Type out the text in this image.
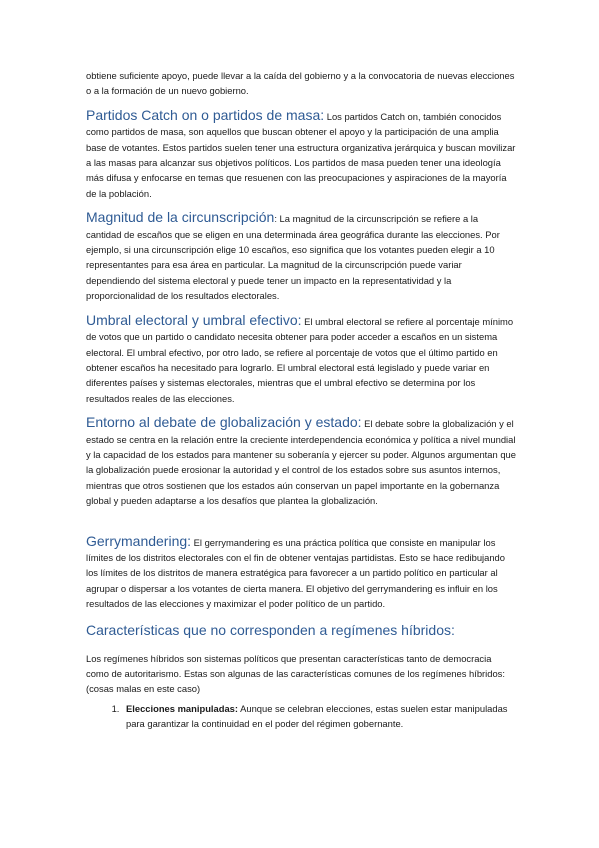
obtiene suficiente apoyo, puede llevar a la caída del gobierno y a la convocatoria de nuevas elecciones o a la formación de un nuevo gobierno.

Partidos Catch on o partidos de masa: Los partidos Catch on, también conocidos como partidos de masa, son aquellos que buscan obtener el apoyo y la participación de una amplia base de votantes. Estos partidos suelen tener una estructura organizativa jerárquica y buscan movilizar a las masas para alcanzar sus objetivos políticos. Los partidos de masa pueden tener una ideología más difusa y enfocarse en temas que resuenen con las preocupaciones y aspiraciones de la mayoría de la población.

Magnitud de la circunscripción: La magnitud de la circunscripción se refiere a la cantidad de escaños que se eligen en una determinada área geográfica durante las elecciones. Por ejemplo, si una circunscripción elige 10 escaños, eso significa que los votantes pueden elegir a 10 representantes para esa área en particular. La magnitud de la circunscripción puede variar dependiendo del sistema electoral y puede tener un impacto en la representatividad y la proporcionalidad de los resultados electorales.

Umbral electoral y umbral efectivo: El umbral electoral se refiere al porcentaje mínimo de votos que un partido o candidato necesita obtener para poder acceder a escaños en un sistema electoral. El umbral efectivo, por otro lado, se refiere al porcentaje de votos que el último partido en obtener escaños ha necesitado para lograrlo. El umbral electoral está legislado y puede variar en diferentes países y sistemas electorales, mientras que el umbral efectivo se determina por los resultados reales de las elecciones.

Entorno al debate de globalización y estado: El debate sobre la globalización y el estado se centra en la relación entre la creciente interdependencia económica y política a nivel mundial y la capacidad de los estados para mantener su soberanía y ejercer su poder. Algunos argumentan que la globalización puede erosionar la autoridad y el control de los estados sobre sus asuntos internos, mientras que otros sostienen que los estados aún conservan un papel importante en la gobernanza global y pueden adaptarse a los desafíos que plantea la globalización.

Gerrymandering: El gerrymandering es una práctica política que consiste en manipular los límites de los distritos electorales con el fin de obtener ventajas partidistas. Esto se hace redibujando los límites de los distritos de manera estratégica para favorecer a un partido político en particular al agrupar o dispersar a los votantes de cierta manera. El objetivo del gerrymandering es influir en los resultados de las elecciones y maximizar el poder político de un partido.

Características que no corresponden a regímenes híbridos:

Los regímenes híbridos son sistemas políticos que presentan características tanto de democracia como de autoritarismo. Estas son algunas de las características comunes de los regímenes híbridos: (cosas malas en este caso)

1. Elecciones manipuladas: Aunque se celebran elecciones, estas suelen estar manipuladas para garantizar la continuidad en el poder del régimen gobernante.
